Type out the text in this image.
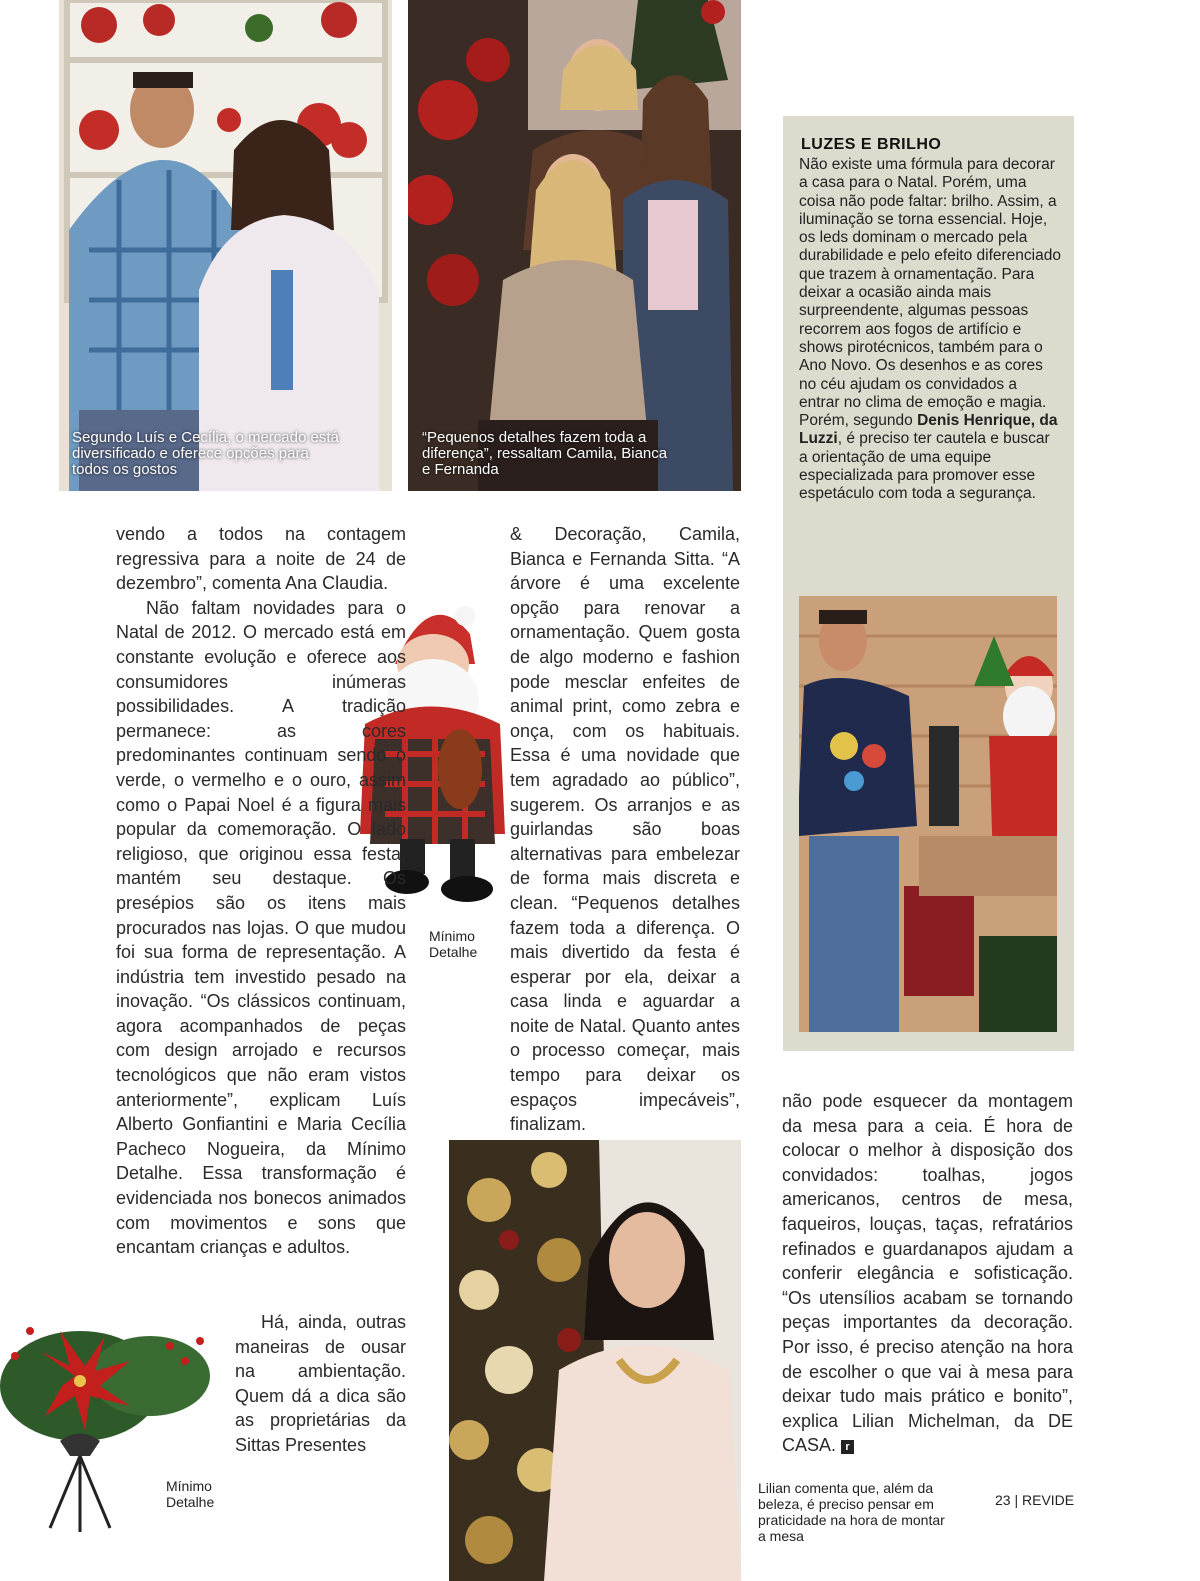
Segundo Luís e Cecília, o mercado está diversificado e oferece opções para todos os gostos
“Pequenos detalhes fazem toda a diferença”, ressaltam Camila, Bianca e Fernanda
LUZES E BRILHO
Não existe uma fórmula para decorar a casa para o Natal. Porém, uma coisa não pode faltar: brilho. Assim, a iluminação se torna essencial. Hoje, os leds dominam o mercado pela durabilidade e pelo efeito diferenciado que trazem à ornamentação. Para deixar a ocasião ainda mais surpreendente, algumas pessoas recorrem aos fogos de artifício e shows pirotécnicos, também para o Ano Novo. Os desenhos e as cores no céu ajudam os convidados a entrar no clima de emoção e magia. Porém, segundo Denis Henrique, da Luzzi, é preciso ter cautela e buscar a orientação de uma equipe especializada para promover esse espetáculo com toda a segurança.
Mínimo Detalhe
Mínimo Detalhe

vendo a todos na contagem regressiva para a noite de 24 de dezembro”, comenta Ana Claudia.

Não faltam novidades para o Natal de 2012. O mercado está em constante evolução e oferece aos consumidores inúmeras possibilidades. A tradição permanece: as cores predominantes continuam sendo o verde, o vermelho e o ouro, assim como o Papai Noel é a figura mais popular da comemoração. O lado religioso, que originou essa festa, mantém seu destaque. Os presépios são os itens mais procurados nas lojas. O que mudou foi sua forma de representação. A indústria tem investido pesado na inovação. “Os clássicos continuam, agora acompanhados de peças com design arrojado e recursos tecnológicos que não eram vistos anteriormente”, explicam Luís Alberto Gonfiantini e Maria Cecília Pacheco Nogueira, da Mínimo Detalhe. Essa transformação é evidenciada nos bonecos animados com movimentos e sons que encantam crianças e adultos.

Há, ainda, outras maneiras de ousar na ambientação. Quem dá a dica são as proprietárias da Sittas Presentes

& Decoração, Camila, Bianca e Fernanda Sitta. “A árvore é uma excelente opção para renovar a ornamentação. Quem gosta de algo moderno e fashion pode mesclar enfeites de animal print, como zebra e onça, com os habituais. Essa é uma novidade que tem agradado ao público”, sugerem. Os arranjos e as guirlandas são boas alternativas para embelezar de forma mais discreta e clean. “Pequenos detalhes fazem toda a diferença. O mais divertido da festa é esperar por ela, deixar a casa linda e aguardar a noite de Natal. Quanto antes o processo começar, mais tempo para deixar os espaços impecáveis”, finalizam.

não pode esquecer da montagem da mesa para a ceia. É hora de colocar o melhor à disposição dos convidados: toalhas, jogos americanos, centros de mesa, faqueiros, louças, taças, refratários refinados e guardanapos ajudam a conferir elegância e sofisticação. “Os utensílios acabam se tornando peças importantes da decoração. Por isso, é preciso atenção na hora de escolher o que vai à mesa para deixar tudo mais prático e bonito”, explica Lilian Michelman, da DE CASA. r

Lilian comenta que, além da beleza, é preciso pensar em praticidade na hora de montar a mesa
23 | REVIDE
